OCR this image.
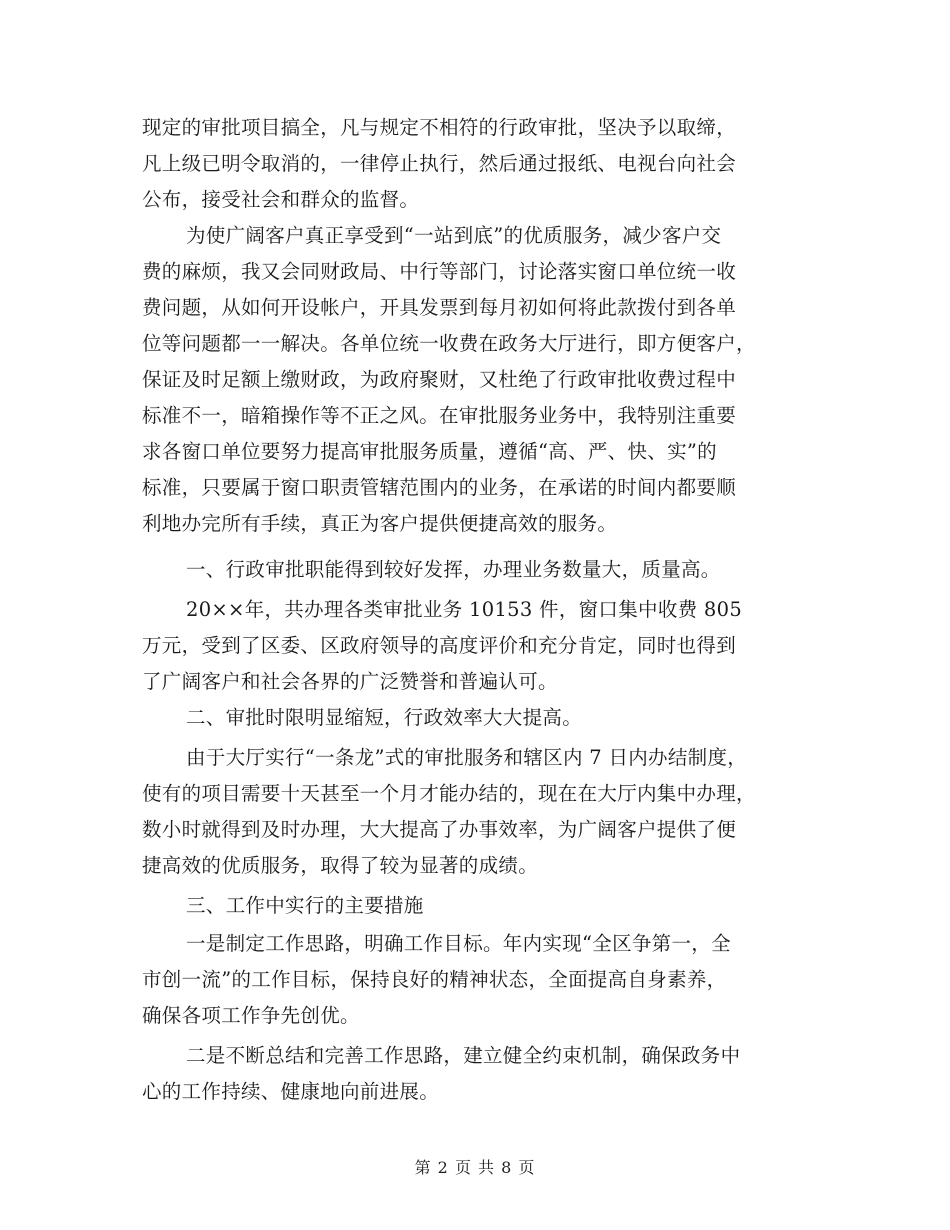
现定的审批项目搞全，凡与规定不相符的行政审批，坚决予以取缔，
凡上级已明令取消的，一律停止执行，然后通过报纸、电视台向社会
公布，接受社会和群众的监督。
为使广阔客户真正享受到“一站到底”的优质服务，减少客户交
费的麻烦，我又会同财政局、中行等部门，讨论落实窗口单位统一收
费问题，从如何开设帐户，开具发票到每月初如何将此款拨付到各单
位等问题都一一解决。各单位统一收费在政务大厅进行，即方便客户，
保证及时足额上缴财政，为政府聚财，又杜绝了行政审批收费过程中
标准不一，暗箱操作等不正之风。在审批服务业务中，我特别注重要
求各窗口单位要努力提高审批服务质量，遵循“高、严、快、实”的
标准，只要属于窗口职责管辖范围内的业务，在承诺的时间内都要顺
利地办完所有手续，真正为客户提供便捷高效的服务。
一、行政审批职能得到较好发挥，办理业务数量大，质量高。
20××年，共办理各类审批业务 10153 件，窗口集中收费 805
万元，受到了区委、区政府领导的高度评价和充分肯定，同时也得到
了广阔客户和社会各界的广泛赞誉和普遍认可。
二、审批时限明显缩短，行政效率大大提高。
由于大厅实行“一条龙”式的审批服务和辖区内 7 日内办结制度，
使有的项目需要十天甚至一个月才能办结的，现在在大厅内集中办理，
数小时就得到及时办理，大大提高了办事效率，为广阔客户提供了便
捷高效的优质服务，取得了较为显著的成绩。
三、工作中实行的主要措施
一是制定工作思路，明确工作目标。年内实现“全区争第一，全
市创一流”的工作目标，保持良好的精神状态，全面提高自身素养，
确保各项工作争先创优。
二是不断总结和完善工作思路，建立健全约束机制，确保政务中
心的工作持续、健康地向前进展。
第 2 页 共 8 页
